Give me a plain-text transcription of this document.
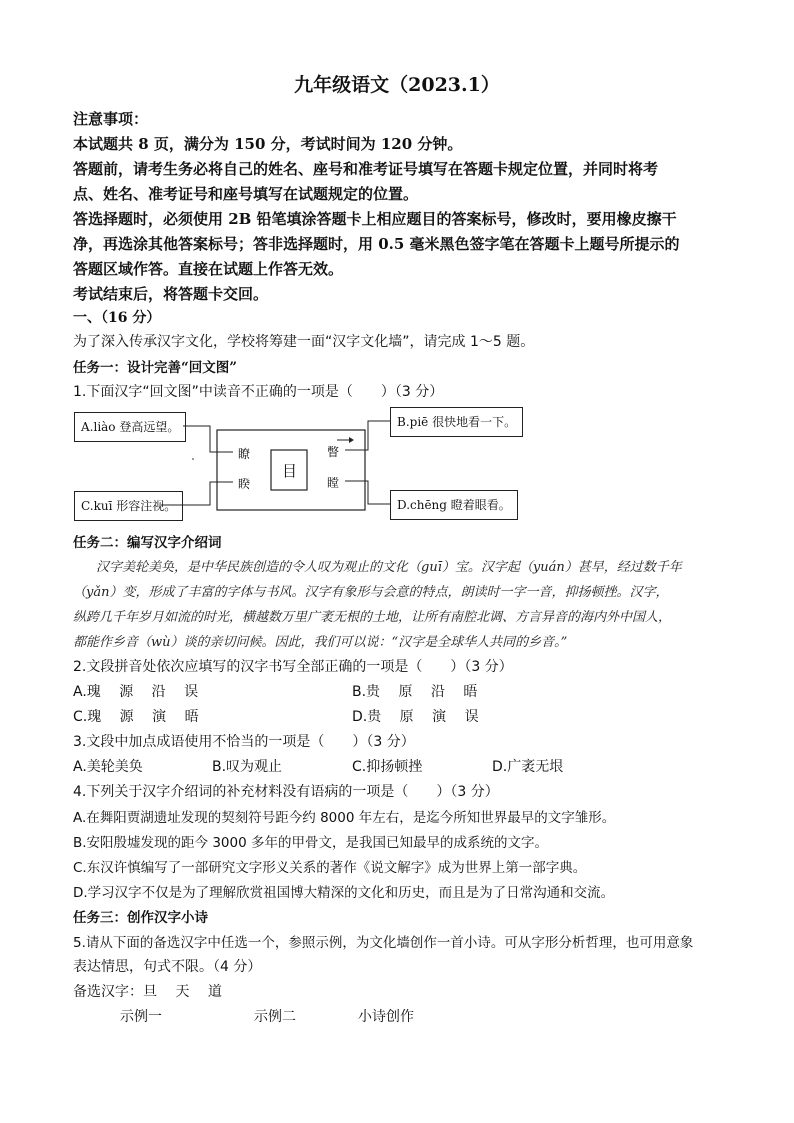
九年级语文（2023.1）
注意事项：
本试题共 8 页，满分为 150 分，考试时间为 120 分钟。
答题前，请考生务必将自己的姓名、座号和准考证号填写在答题卡规定位置，并同时将考
点、姓名、准考证号和座号填写在试题规定的位置。
答选择题时，必须使用 2B 铅笔填涂答题卡上相应题目的答案标号，修改时，要用橡皮擦干
净，再选涂其他答案标号；答非选择题时，用 0.5 毫米黑色签字笔在答题卡上题号所提示的
答题区域作答。直接在试题上作答无效。
考试结束后，将答题卡交回。
一、（16 分）
为了深入传承汉字文化，学校将筹建一面“汉字文化墙”，请完成 1～5 题。
任务一：设计完善“回文图”
1.下面汉字“回文图”中读音不正确的一项是（　　）（3 分）
A.liào 登高远望。	B.piē 很快地看一下。
C.kuī 形容注视。	D.chēng 瞪着眼看。
目
瞭
睽
瞥
瞠
任务二：编写汉字介绍词
汉字美轮美奂，是中华民族创造的令人叹为观止的文化（guī）宝。汉字起（yuán）甚早，经过数千年
（yǎn）变，形成了丰富的字体与书风。汉字有象形与会意的特点，朗读时一字一音，抑扬顿挫。汉字，
纵跨几千年岁月如流的时光，横越数万里广袤无根的土地，让所有南腔北调、方言异音的海内外中国人，
都能作乡音（wù）谈的亲切问候。因此，我们可以说：“汉字是全球华人共同的乡音。”
2.文段拼音处依次应填写的汉字书写全部正确的一项是（　　）（3 分）
A.瑰　 源　 沿　 误	B.贵　 原　 沿　 晤
C.瑰　 源　 演　 晤	D.贵　 原　 演　 误
3.文段中加点成语使用不恰当的一项是（　　）（3 分）
A.美轮美奂	B.叹为观止	C.抑扬顿挫	D.广袤无垠
4.下列关于汉字介绍词的补充材料没有语病的一项是（　　）（3 分）
A.在舞阳贾湖遗址发现的契刻符号距今约 8000 年左右，是迄今所知世界最早的文字雏形。
B.安阳殷墟发现的距今 3000 多年的甲骨文，是我国已知最早的成系统的文字。
C.东汉许慎编写了一部研究文字形义关系的著作《说文解字》成为世界上第一部字典。
D.学习汉字不仅是为了理解欣赏祖国博大精深的文化和历史，而且是为了日常沟通和交流。
任务三：创作汉字小诗
5.请从下面的备选汉字中任选一个，参照示例，为文化墙创作一首小诗。可从字形分析哲理，也可用意象
表达情思，句式不限。（4 分）
备选汉字：旦　 天　 道
示例一	示例二	小诗创作
